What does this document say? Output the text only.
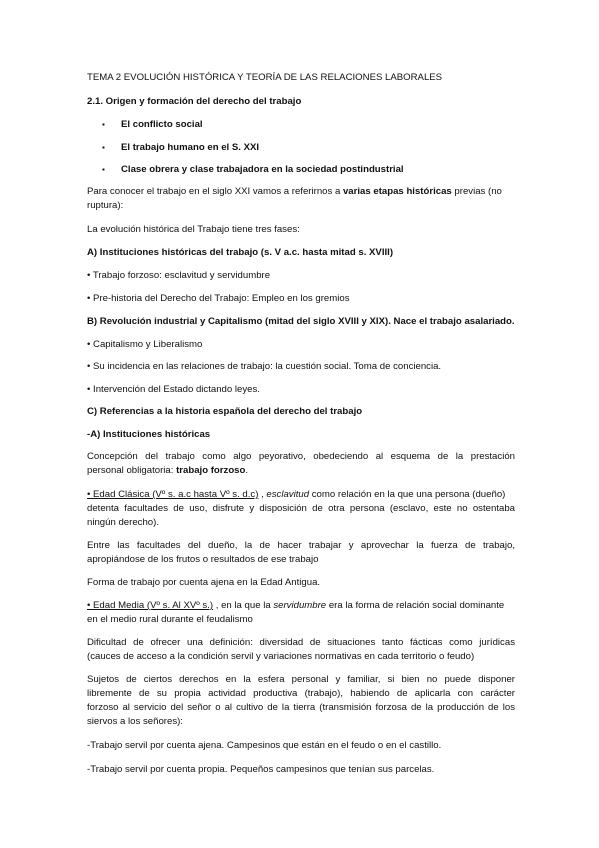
TEMA 2 EVOLUCIÓN HISTÓRICA Y TEORÍA DE LAS RELACIONES LABORALES
2.1. Origen y formación del derecho del trabajo
▪ El conflicto social
▪ El trabajo humano en el S. XXI
▪ Clase obrera y clase trabajadora en la sociedad postindustrial
Para conocer el trabajo en el siglo XXI vamos a referirnos a varias etapas históricas previas (no
ruptura):
La evolución histórica del Trabajo tiene tres fases:
A) Instituciones históricas del trabajo (s. V a.c. hasta mitad s. XVIII)
• Trabajo forzoso: esclavitud y servidumbre
• Pre-historia del Derecho del Trabajo: Empleo en los gremios
B) Revolución industrial y Capitalismo (mitad del siglo XVIII y XIX). Nace el trabajo asalariado.
• Capitalismo y Liberalismo
• Su incidencia en las relaciones de trabajo: la cuestión social. Toma de conciencia.
• Intervención del Estado dictando leyes.
C) Referencias a la historia española del derecho del trabajo
-A) Instituciones históricas
Concepción del trabajo como algo peyorativo, obedeciendo al esquema de la prestación
personal obligatoria: trabajo forzoso.
• Edad Clásica (Vº s. a.c hasta Vº s. d.c) , esclavitud como relación en la que una persona (dueño)
detenta facultades de uso, disfrute y disposición de otra persona (esclavo, este no ostentaba
ningún derecho).
Entre las facultades del dueño, la de hacer trabajar y aprovechar la fuerza de trabajo,
apropiándose de los frutos o resultados de ese trabajo
Forma de trabajo por cuenta ajena en la Edad Antigua.
• Edad Media (Vº s. Al XVº s.) , en la que la servidumbre era la forma de relación social dominante
en el medio rural durante el feudalismo
Dificultad de ofrecer una definición: diversidad de situaciones tanto fácticas como jurídicas
(cauces de acceso a la condición servil y variaciones normativas en cada territorio o feudo)
Sujetos de ciertos derechos en la esfera personal y familiar, si bien no puede disponer
libremente de su propia actividad productiva (trabajo), habiendo de aplicarla con carácter
forzoso al servicio del señor o al cultivo de la tierra (transmisión forzosa de la producción de los
siervos a los señores):
-Trabajo servil por cuenta ajena. Campesinos que están en el feudo o en el castillo.
-Trabajo servil por cuenta propia. Pequeños campesinos que tenían sus parcelas.
